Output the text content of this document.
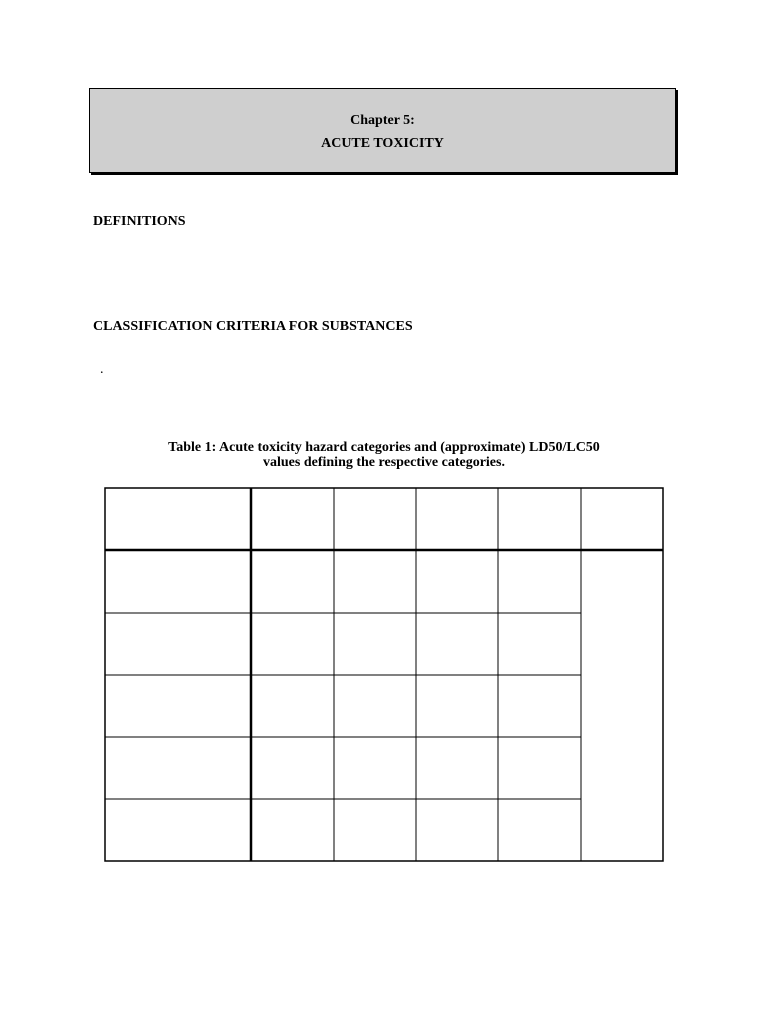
Chapter 5:
ACUTE TOXICITY
DEFINITIONS
CLASSIFICATION CRITERIA FOR SUBSTANCES
.
Table 1: Acute toxicity hazard categories and (approximate) LD50/LC50
values defining the respective categories.
